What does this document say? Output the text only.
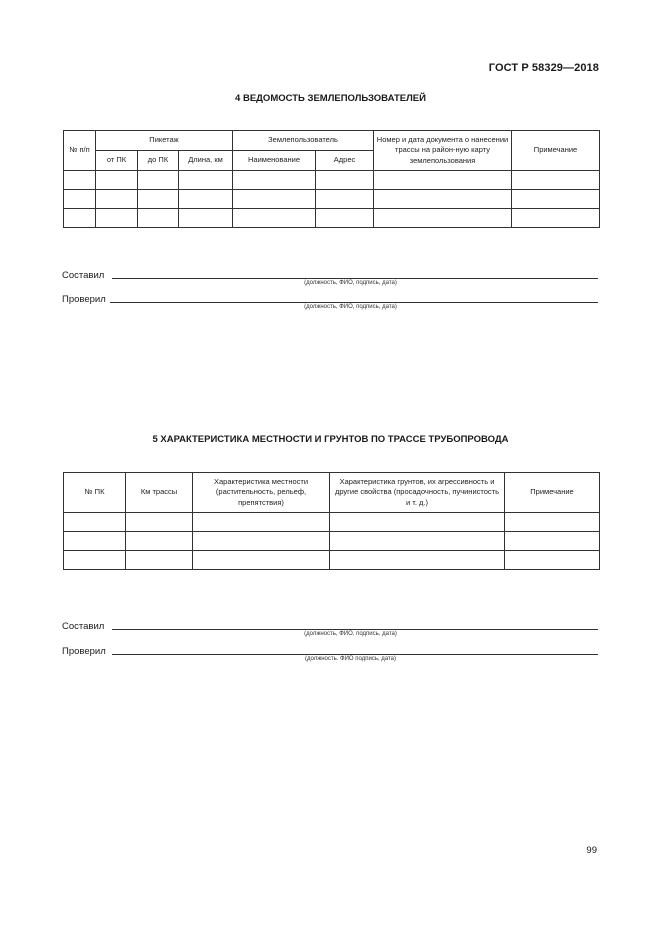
ГОСТ Р 58329—2018
4 ВЕДОМОСТЬ ЗЕМЛЕПОЛЬЗОВАТЕЛЕЙ
№ п/п	Пикетаж			Землепользователь		Номер и дата документа о нанесении трассы на район-ную карту землепользования	Примечание
	от ПК	до ПК	Длина, км	Наименование	Адрес		

Составил
(должность, ФИО, подпись, дата)
Проверил
(должность, ФИО, подпись, дата)
5 ХАРАКТЕРИСТИКА МЕСТНОСТИ И ГРУНТОВ ПО ТРАССЕ ТРУБОПРОВОДА
№ ПК	Км трассы	Характеристика местности (растительность, рельеф, препятствия)	Характеристика грунтов, их агрессивность и другие свойства (просадочность, пучинистость и т. д.)	Примечание

Составил
(должность, ФИО, подпись, дата)
Проверил
(должность. ФИО подпись, дата)
99
